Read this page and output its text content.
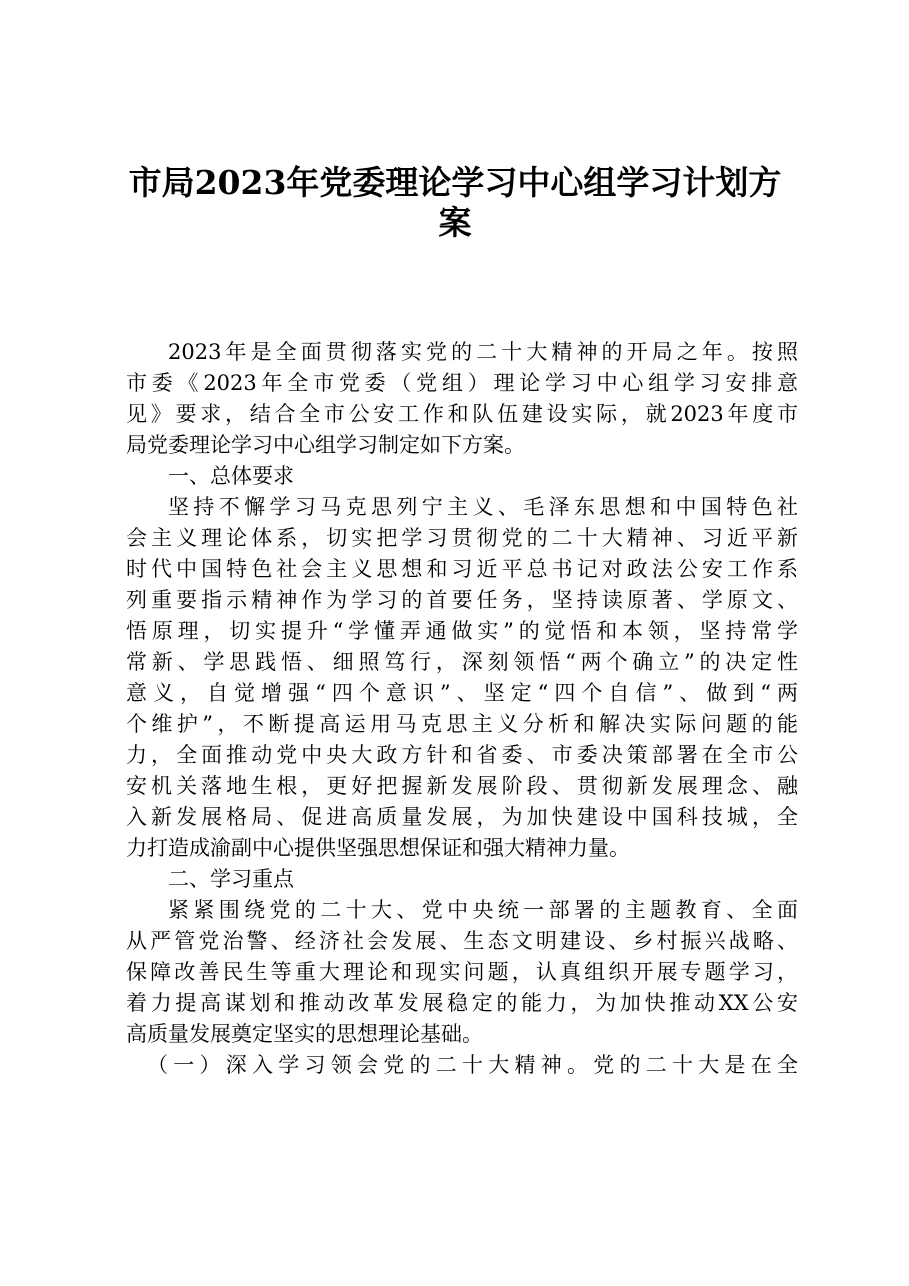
市局2023年党委理论学习中心组学习计划方
案
2023年是全面贯彻落实党的二十大精神的开局之年。按照
市委《2023年全市党委（党组）理论学习中心组学习安排意
见》要求，结合全市公安工作和队伍建设实际，就2023年度市
局党委理论学习中心组学习制定如下方案。
一、总体要求
坚持不懈学习马克思列宁主义、毛泽东思想和中国特色社
会主义理论体系，切实把学习贯彻党的二十大精神、习近平新
时代中国特色社会主义思想和习近平总书记对政法公安工作系
列重要指示精神作为学习的首要任务，坚持读原著、学原文、
悟原理，切实提升“学懂弄通做实”的觉悟和本领，坚持常学
常新、学思践悟、细照笃行，深刻领悟“两个确立”的决定性
意义，自觉增强“四个意识”、坚定“四个自信”、做到“两
个维护”，不断提高运用马克思主义分析和解决实际问题的能
力，全面推动党中央大政方针和省委、市委决策部署在全市公
安机关落地生根，更好把握新发展阶段、贯彻新发展理念、融
入新发展格局、促进高质量发展，为加快建设中国科技城，全
力打造成渝副中心提供坚强思想保证和强大精神力量。
二、学习重点
紧紧围绕党的二十大、党中央统一部署的主题教育、全面
从严管党治警、经济社会发展、生态文明建设、乡村振兴战略、
保障改善民生等重大理论和现实问题，认真组织开展专题学习，
着力提高谋划和推动改革发展稳定的能力，为加快推动XX公安
高质量发展奠定坚实的思想理论基础。
（一）深入学习领会党的二十大精神。党的二十大是在全
